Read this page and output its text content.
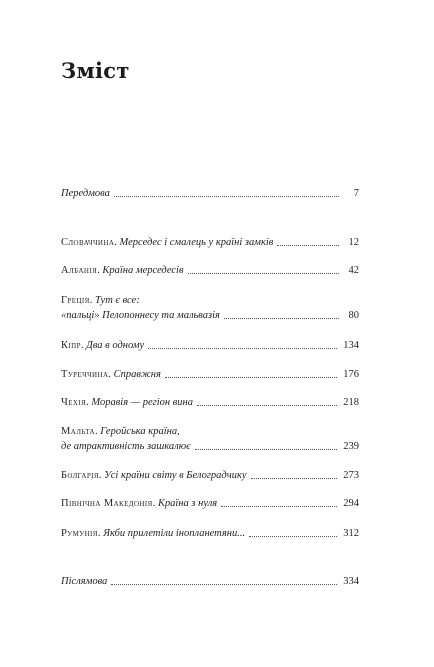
Зміст
Передмова	7
Словаччина. Мерседес і смалець у країні замків	12
Албанія. Країна мерседесів	42
Греція. Тут є все:
«пальці» Пелопоннесу та мальвазія	80
Кіпр. Два в одному	134
Туреччина. Справжня	176
Чехія. Моравія — регіон вина	218
Мальта. Геройська країна,
де атрактивність зашкалює	239
Болгарія. Усі країни світу в Белоградчику	273
Північна Македонія. Країна з нуля	294
Румунія. Якби прилетіли інопланетяни...	312
Післямова	334
